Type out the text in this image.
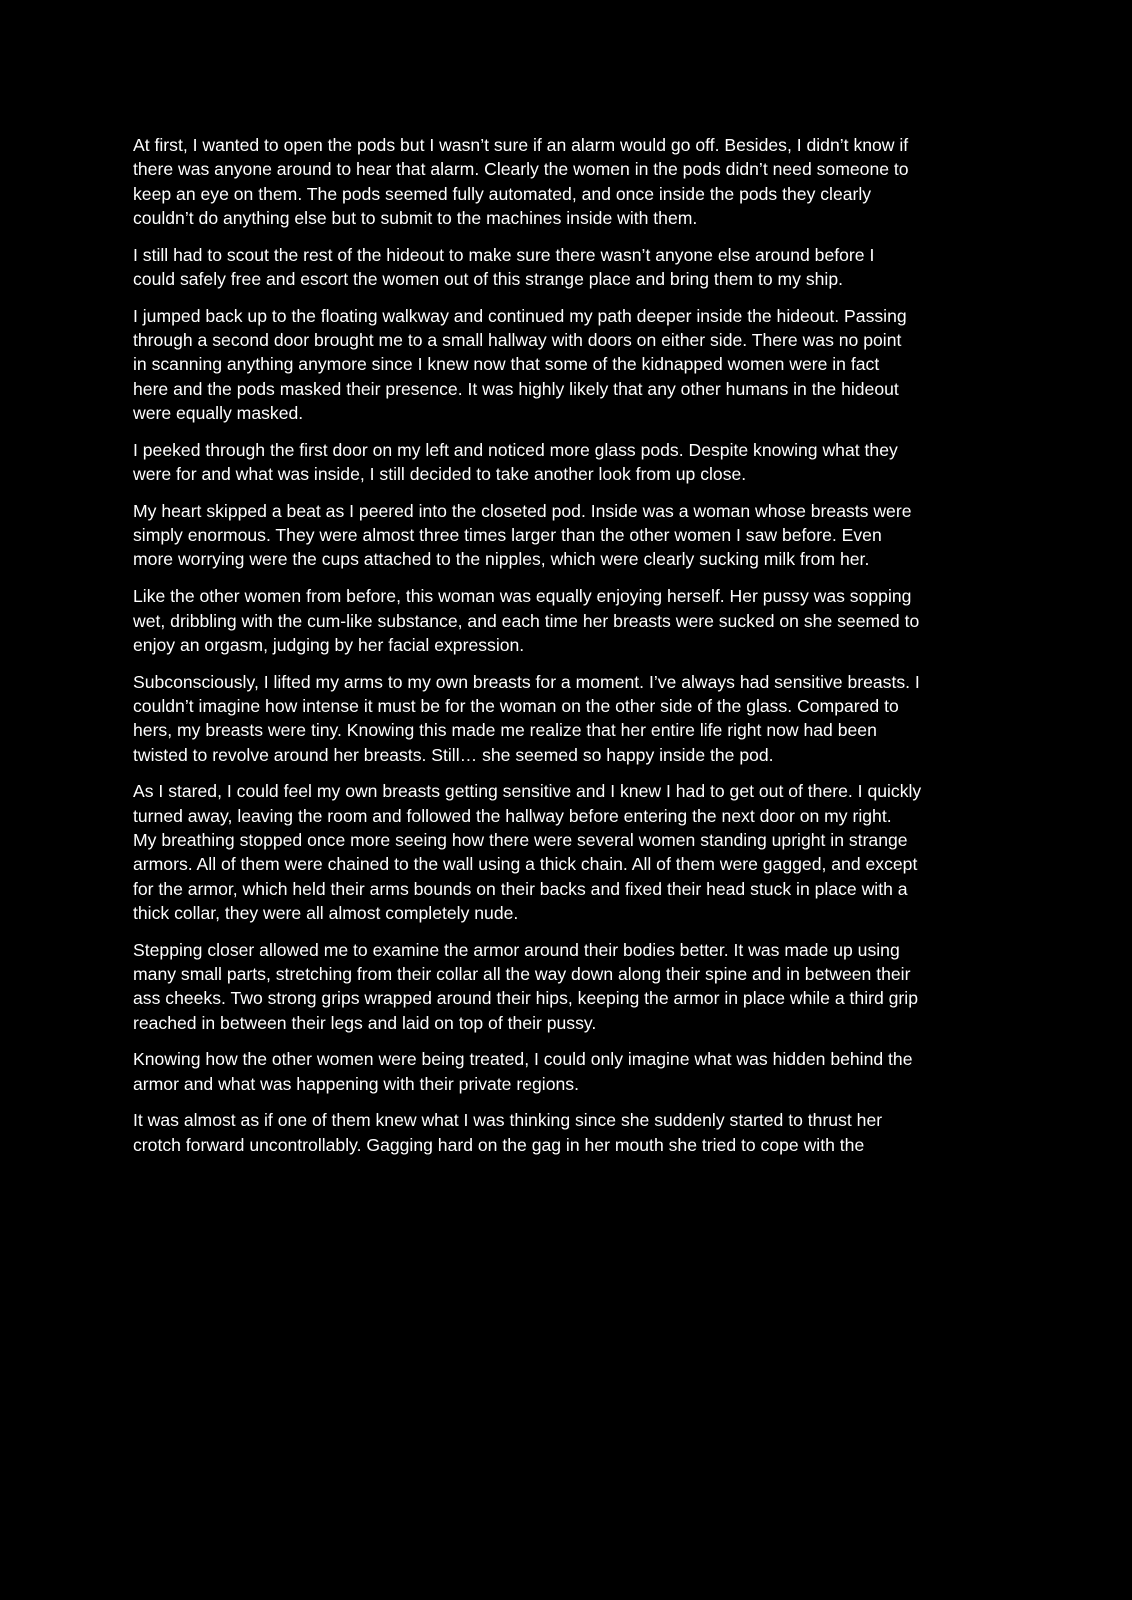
At first, I wanted to open the pods but I wasn’t sure if an alarm would go off. Besides, I didn’t know if
there was anyone around to hear that alarm. Clearly the women in the pods didn’t need someone to
keep an eye on them. The pods seemed fully automated, and once inside the pods they clearly
couldn’t do anything else but to submit to the machines inside with them.

I still had to scout the rest of the hideout to make sure there wasn’t anyone else around before I
could safely free and escort the women out of this strange place and bring them to my ship.

I jumped back up to the floating walkway and continued my path deeper inside the hideout. Passing
through a second door brought me to a small hallway with doors on either side. There was no point
in scanning anything anymore since I knew now that some of the kidnapped women were in fact
here and the pods masked their presence. It was highly likely that any other humans in the hideout
were equally masked.

I peeked through the first door on my left and noticed more glass pods. Despite knowing what they
were for and what was inside, I still decided to take another look from up close.

My heart skipped a beat as I peered into the closeted pod. Inside was a woman whose breasts were
simply enormous. They were almost three times larger than the other women I saw before. Even
more worrying were the cups attached to the nipples, which were clearly sucking milk from her.

Like the other women from before, this woman was equally enjoying herself. Her pussy was sopping
wet, dribbling with the cum-like substance, and each time her breasts were sucked on she seemed to
enjoy an orgasm, judging by her facial expression.

Subconsciously, I lifted my arms to my own breasts for a moment. I’ve always had sensitive breasts. I
couldn’t imagine how intense it must be for the woman on the other side of the glass. Compared to
hers, my breasts were tiny. Knowing this made me realize that her entire life right now had been
twisted to revolve around her breasts. Still… she seemed so happy inside the pod.

As I stared, I could feel my own breasts getting sensitive and I knew I had to get out of there. I quickly
turned away, leaving the room and followed the hallway before entering the next door on my right.
My breathing stopped once more seeing how there were several women standing upright in strange
armors. All of them were chained to the wall using a thick chain. All of them were gagged, and except
for the armor, which held their arms bounds on their backs and fixed their head stuck in place with a
thick collar, they were all almost completely nude.

Stepping closer allowed me to examine the armor around their bodies better. It was made up using
many small parts, stretching from their collar all the way down along their spine and in between their
ass cheeks. Two strong grips wrapped around their hips, keeping the armor in place while a third grip
reached in between their legs and laid on top of their pussy.

Knowing how the other women were being treated, I could only imagine what was hidden behind the
armor and what was happening with their private regions.

It was almost as if one of them knew what I was thinking since she suddenly started to thrust her
crotch forward uncontrollably. Gagging hard on the gag in her mouth she tried to cope with the
